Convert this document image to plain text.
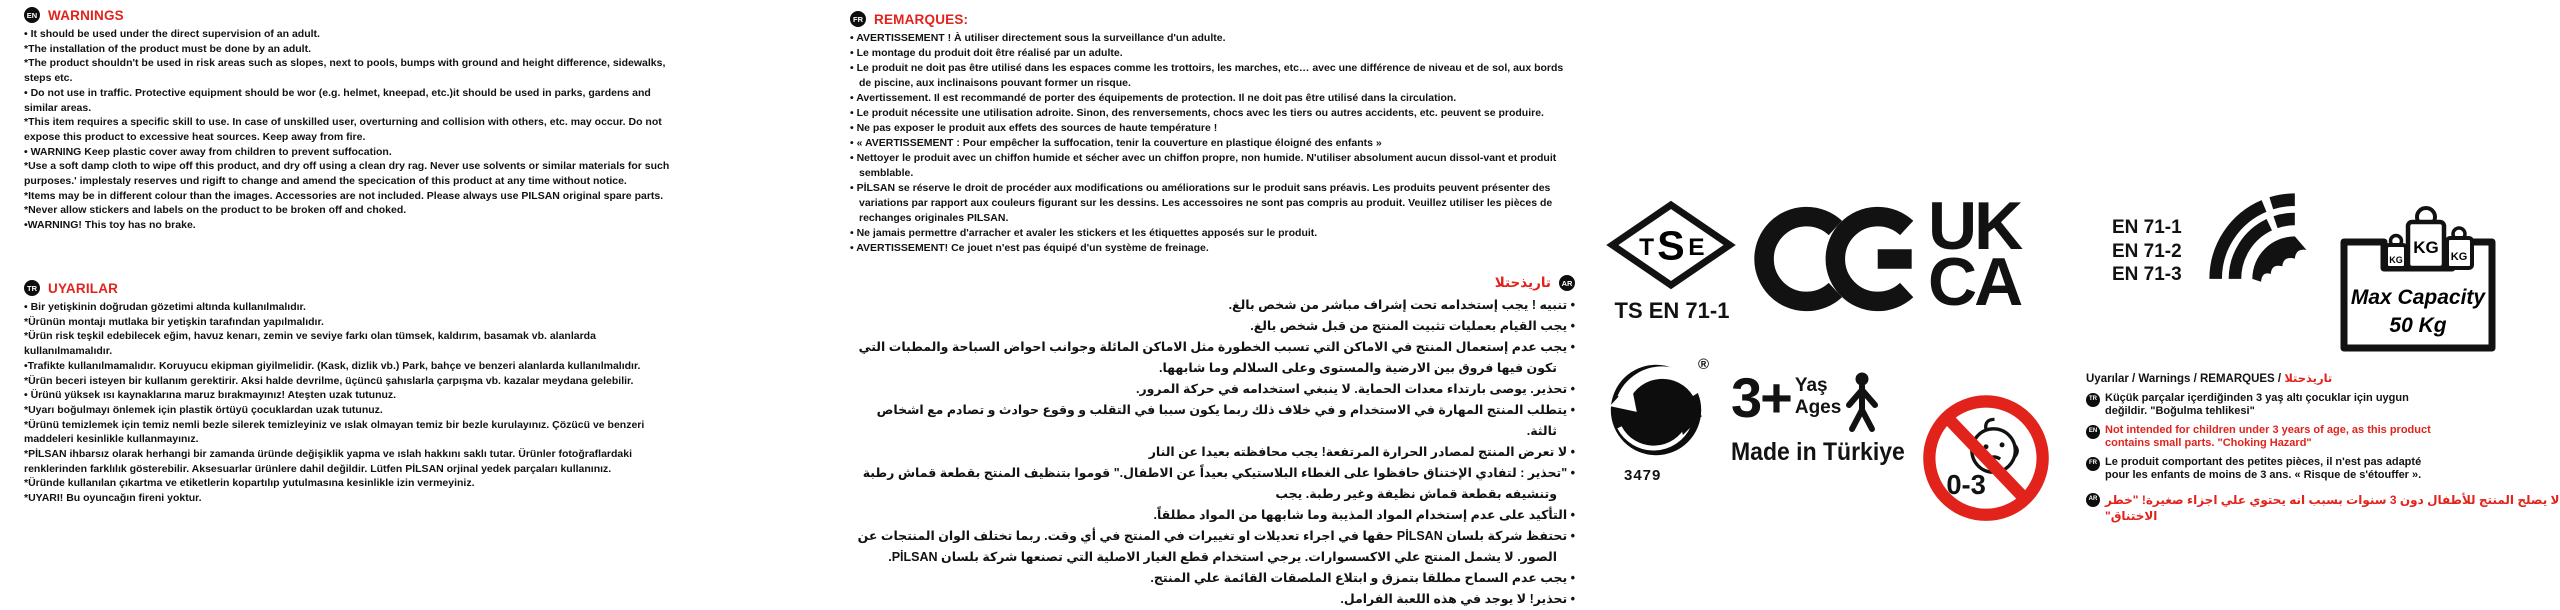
EN WARNINGS
• It should be used under the direct supervision of an adult.
*The installation of the product must be done by an adult.
*The product shouldn't be used in risk areas such as slopes, next to pools, bumps with ground and height difference, sidewalks, steps etc.
• Do not use in traffic. Protective equipment should be wor (e.g. helmet, kneepad, etc.)it should be used in parks, gardens and similar areas.
*This item requires a specific skill to use. In case of unskilled user, overturning and collision with others, etc. may occur. Do not expose this product to excessive heat sources. Keep away from fire.
• WARNING Keep plastic cover away from children to prevent suffocation.
*Use a soft damp cloth to wipe off this product, and dry off using a clean dry rag. Never use solvents or similar materials for such purposes.' implestaly reserves und rigift to change and amend the specication of this product at any time without notice.
*Items may be in different colour than the images. Accessories are not included. Please always use PILSAN original spare parts.
*Never allow stickers and labels on the product to be broken off and choked.
•WARNING! This toy has no brake.
TR UYARILAR
• Bir yetişkinin doğrudan gözetimi altında kullanılmalıdır.
*Ürünün montajı mutlaka bir yetişkin tarafından yapılmalıdır.
*Ürün risk teşkil edebilecek eğim, havuz kenarı, zemin ve seviye farkı olan tümsek, kaldırım, basamak vb. alanlarda kullanılmamalıdır.
•Trafikte kullanılmamalıdır. Koruyucu ekipman giyilmelidir. (Kask, dizlik vb.) Park, bahçe ve benzeri alanlarda kullanılmalıdır.
*Ürün beceri isteyen bir kullanım gerektirir. Aksi halde devrilme, üçüncü şahıslarla çarpışma vb. kazalar meydana gelebilir.
• Ürünü yüksek ısı kaynaklarına maruz bırakmayınız! Ateşten uzak tutunuz.
*Uyarı boğulmayı önlemek için plastik örtüyü çocuklardan uzak tutunuz.
*Ürünü temizlemek için temiz nemli bezle silerek temizleyiniz ve ıslak olmayan temiz bir bezle kurulayınız. Çözücü ve benzeri maddeleri kesinlikle kullanmayınız.
*PİLSAN ihbarsız olarak herhangi bir zamanda üründe değişiklik yapma ve ıslah hakkını saklı tutar. Ürünler fotoğraflardaki renklerinden farklılık gösterebilir. Aksesuarlar ürünlere dahil değildir. Lütfen PİLSAN orjinal yedek parçaları kullanınız.
*Üründe kullanılan çıkartma ve etiketlerin kopartılıp yutulmasına kesinlikle izin vermeyiniz.
*UYARI! Bu oyuncağın fireni yoktur.
FR REMARQUES:
• AVERTISSEMENT ! À utiliser directement sous la surveillance d'un adulte.
• Le montage du produit doit être réalisé par un adulte.
• Le produit ne doit pas être utilisé dans les espaces comme les trottoirs, les marches, etc… avec une différence de niveau et de sol, aux bords de piscine, aux inclinaisons pouvant former un risque.
• Avertissement. Il est recommandé de porter des équipements de protection. Il ne doit pas être utilisé dans la circulation.
• Le produit nécessite une utilisation adroite. Sinon, des renversements, chocs avec les tiers ou autres accidents, etc. peuvent se produire.
• Ne pas exposer le produit aux effets des sources de haute température !
• « AVERTISSEMENT : Pour empêcher la suffocation, tenir la couverture en plastique éloigné des enfants »
• Nettoyer le produit avec un chiffon humide et sécher avec un chiffon propre, non humide. N'utiliser absolument aucun dissol-vant et produit semblable.
• PİLSAN se réserve le droit de procéder aux modifications ou améliorations sur le produit sans préavis. Les produits peuvent présenter des variations par rapport aux couleurs figurant sur les dessins. Les accessoires ne sont pas compris au produit. Veuillez utiliser les pièces de rechanges originales PILSAN.
• Ne jamais permettre d'arracher et avaler les stickers et les étiquettes apposés sur le produit.
• AVERTISSEMENT! Ce jouet n'est pas équipé d'un système de freinage.
تاريذحتلا	AR
• تنبيه ! يجب إستخدامه تحت إشراف مباشر من شخص بالغ.
• يجب القيام بعمليات تثبيت المنتج من قبل شخص بالغ.
• يجب عدم إستعمال المنتج في الاماكن التي تسبب الخطورة مثل الاماكن المائلة وجوانب احواض السباحة والمطبات التي تكون فيها فروق بين الارضية والمستوى وعلى السلالم وما شابهها.
• تحذير. يوصى بارتداء معدات الحماية. لا ينبغي استخدامه في حركة المرور.
• يتطلب المنتج المهارة في الاستخدام و في خلاف ذلك ربما يكون سببا في التقلب و وقوع حوادث و تصادم مع اشخاص ثالثة.
• لا تعرض المنتج لمصادر الحرارة المرتفعة! يجب محافظته بعيدا عن النار
• "تحذير : لتفادي الإختناق حافظوا على الغطاء البلاستيكي بعيداً عن الاطفال." قوموا بتنظيف المنتج بقطعة قماش رطبة وتنشيفه بقطعة قماش نظيفة وغير رطبة. يجب
• التأكيد على عدم إستخدام المواد المذيبة وما شابهها من المواد مطلقاً.
• تحتفظ شركة بلسان PİLSAN حقها في اجراء تعديلات او تغييرات في المنتج في أي وقت. ربما تختلف الوان المنتجات عن الصور. لا يشمل المنتج علي الاكسسوارات. يرجي استخدام قطع الغيار الاصلية التي تصنعها شركة بلسان PİLSAN.
• يجب عدم السماح مطلقا بتمزق و ابتلاع الملصقات القائمة علي المنتج.
• تحذير! لا يوجد في هذه اللعبة الفرامل.
T S E
TS EN 71-1
UK
CA
EN 71-1
EN 71-2
EN 71-3
KG
KG KG
Max Capacity
50 Kg
®
3479
3+ Yaş
Ages
Made in Türkiye
0-3
Uyarılar / Warnings / REMARQUES / تاريذحتلا
TR Küçük parçalar içerdiğinden 3 yaş altı çocuklar için uygun değildir. "Boğulma tehlikesi"
EN Not intended for children under 3 years of age, as this product contains small parts. "Choking Hazard"
FR Le produit comportant des petites pièces, il n'est pas adapté pour les enfants de moins de 3 ans. « Risque de s'étouffer ».
AR لا يصلح المنتج للأطفال دون 3 سنوات بسبب انه يحتوي علي اجزاء صغيرة! "خطر الاختناق"
